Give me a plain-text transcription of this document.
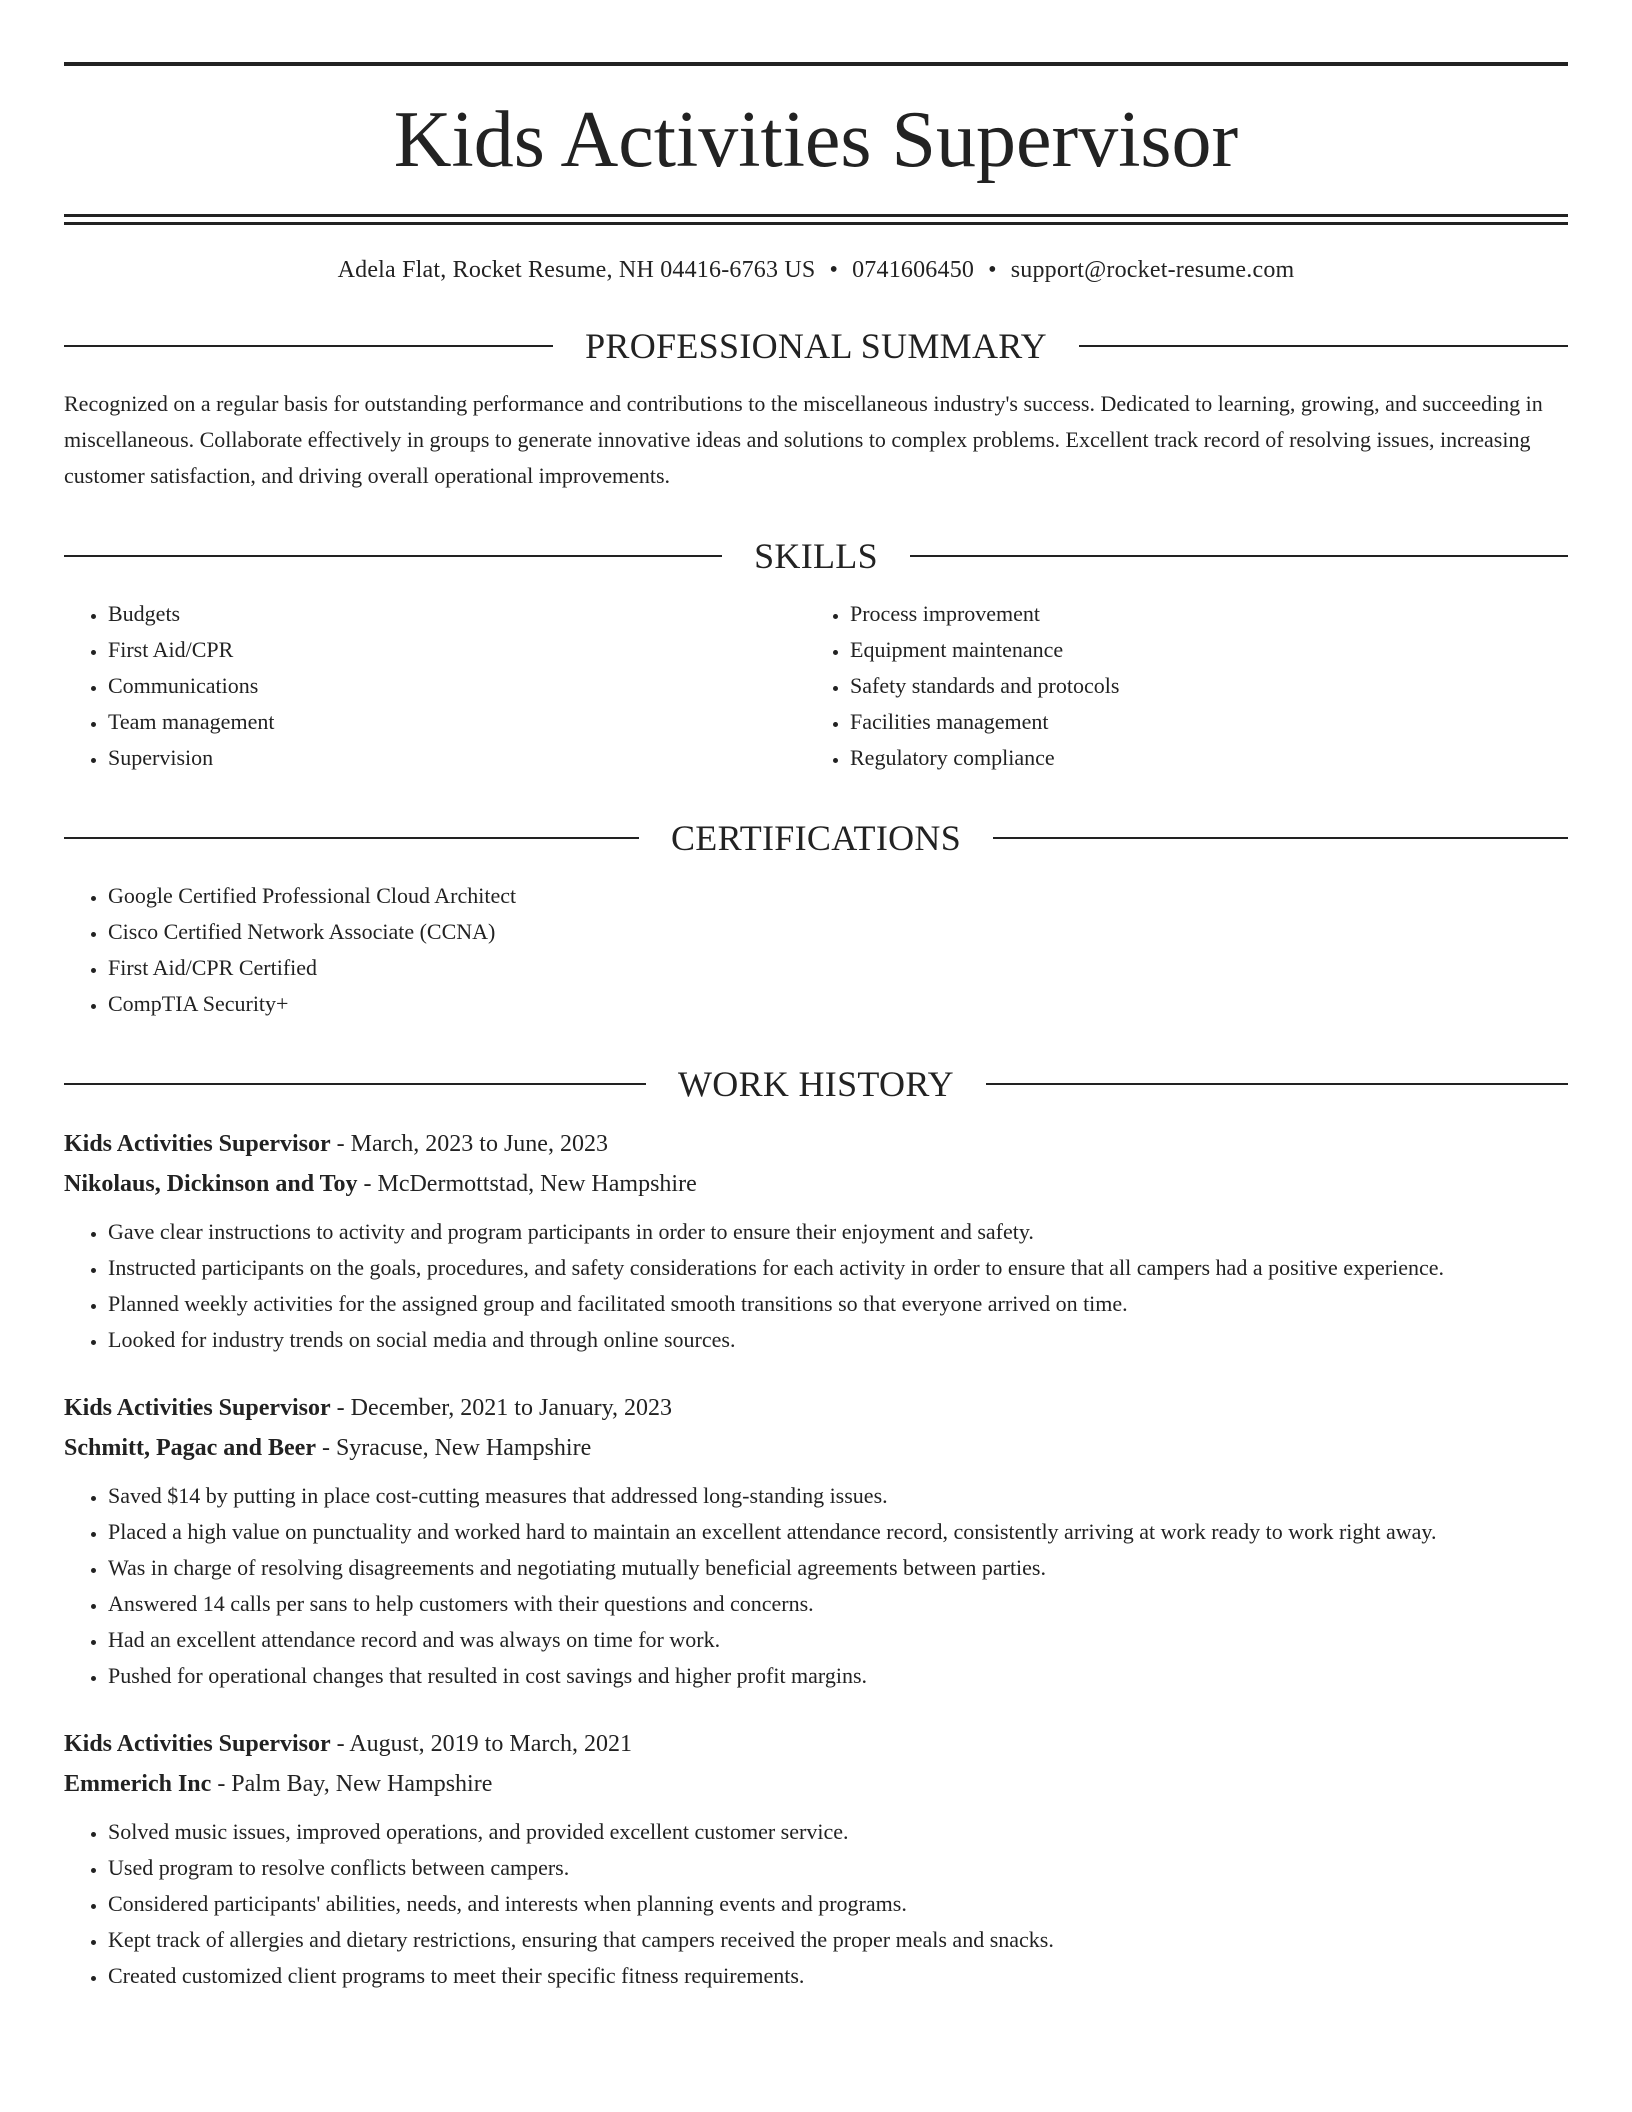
Kids Activities Supervisor
Adela Flat, Rocket Resume, NH 04416-6763 US • 0741606450 • support@rocket-resume.com
PROFESSIONAL SUMMARY

Recognized on a regular basis for outstanding performance and contributions to the miscellaneous industry's success. Dedicated to learning, growing, and succeeding in miscellaneous. Collaborate effectively in groups to generate innovative ideas and solutions to complex problems. Excellent track record of resolving issues, increasing customer satisfaction, and driving overall operational improvements.

SKILLS
• Budgets
• First Aid/CPR
• Communications
• Team management
• Supervision
• Process improvement
• Equipment maintenance
• Safety standards and protocols
• Facilities management
• Regulatory compliance
CERTIFICATIONS
• Google Certified Professional Cloud Architect
• Cisco Certified Network Associate (CCNA)
• First Aid/CPR Certified
• CompTIA Security+
WORK HISTORY
Kids Activities Supervisor - March, 2023 to June, 2023
Nikolaus, Dickinson and Toy - McDermottstad, New Hampshire
• Gave clear instructions to activity and program participants in order to ensure their enjoyment and safety.
• Instructed participants on the goals, procedures, and safety considerations for each activity in order to ensure that all campers had a positive experience.
• Planned weekly activities for the assigned group and facilitated smooth transitions so that everyone arrived on time.
• Looked for industry trends on social media and through online sources.
Kids Activities Supervisor - December, 2021 to January, 2023
Schmitt, Pagac and Beer - Syracuse, New Hampshire
• Saved $14 by putting in place cost-cutting measures that addressed long-standing issues.
• Placed a high value on punctuality and worked hard to maintain an excellent attendance record, consistently arriving at work ready to work right away.
• Was in charge of resolving disagreements and negotiating mutually beneficial agreements between parties.
• Answered 14 calls per sans to help customers with their questions and concerns.
• Had an excellent attendance record and was always on time for work.
• Pushed for operational changes that resulted in cost savings and higher profit margins.
Kids Activities Supervisor - August, 2019 to March, 2021
Emmerich Inc - Palm Bay, New Hampshire
• Solved music issues, improved operations, and provided excellent customer service.
• Used program to resolve conflicts between campers.
• Considered participants' abilities, needs, and interests when planning events and programs.
• Kept track of allergies and dietary restrictions, ensuring that campers received the proper meals and snacks.
• Created customized client programs to meet their specific fitness requirements.
